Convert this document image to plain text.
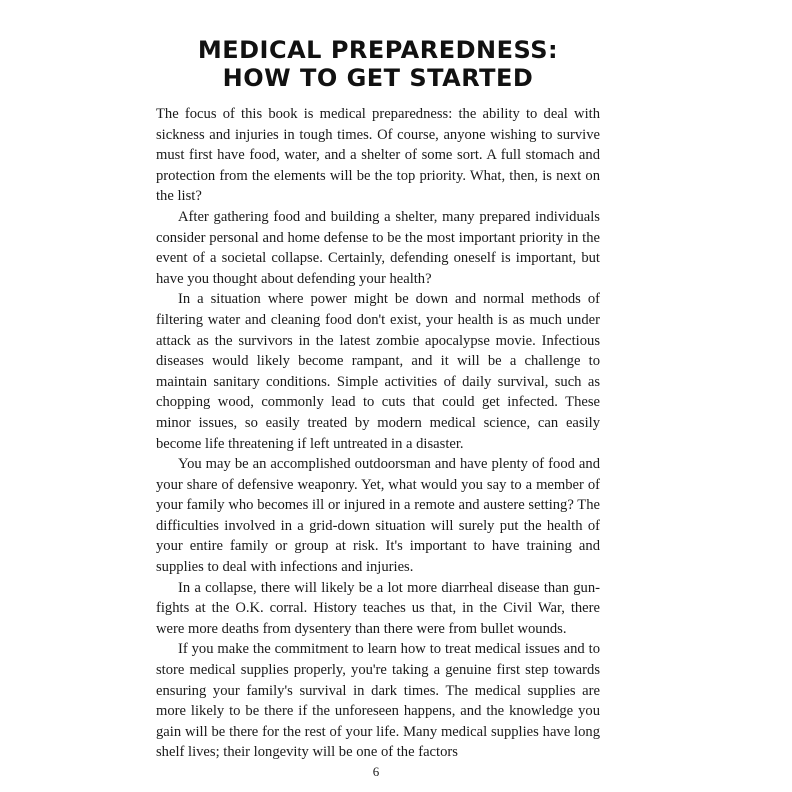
MEDICAL PREPAREDNESS:
HOW TO GET STARTED

The focus of this book is medical preparedness: the ability to deal with sickness and injuries in tough times. Of course, anyone wishing to survive must first have food, water, and a shelter of some sort. A full stomach and protection from the elements will be the top priority. What, then, is next on the list?

After gathering food and building a shelter, many prepared individuals consider personal and home defense to be the most important priority in the event of a societal collapse. Certainly, defending oneself is important, but have you thought about defending your health?

In a situation where power might be down and normal methods of filtering water and cleaning food don't exist, your health is as much under attack as the survivors in the latest zombie apocalypse movie. Infectious diseases would likely become rampant, and it will be a challenge to maintain sanitary conditions. Simple activities of daily survival, such as chopping wood, commonly lead to cuts that could get infected. These minor issues, so easily treated by modern medical science, can easily become life threatening if left untreated in a disaster.

You may be an accomplished outdoorsman and have plenty of food and your share of defensive weaponry. Yet, what would you say to a member of your family who becomes ill or injured in a remote and austere setting? The difficulties involved in a grid-down situation will surely put the health of your entire family or group at risk. It's important to have training and supplies to deal with infections and injuries.

In a collapse, there will likely be a lot more diarrheal disease than gunfights at the O.K. corral. History teaches us that, in the Civil War, there were more deaths from dysentery than there were from bullet wounds.

If you make the commitment to learn how to treat medical issues and to store medical supplies properly, you're taking a genuine first step towards ensuring your family's survival in dark times. The medical supplies are more likely to be there if the unforeseen happens, and the knowledge you gain will be there for the rest of your life. Many medical supplies have long shelf lives; their longevity will be one of the factors

6
